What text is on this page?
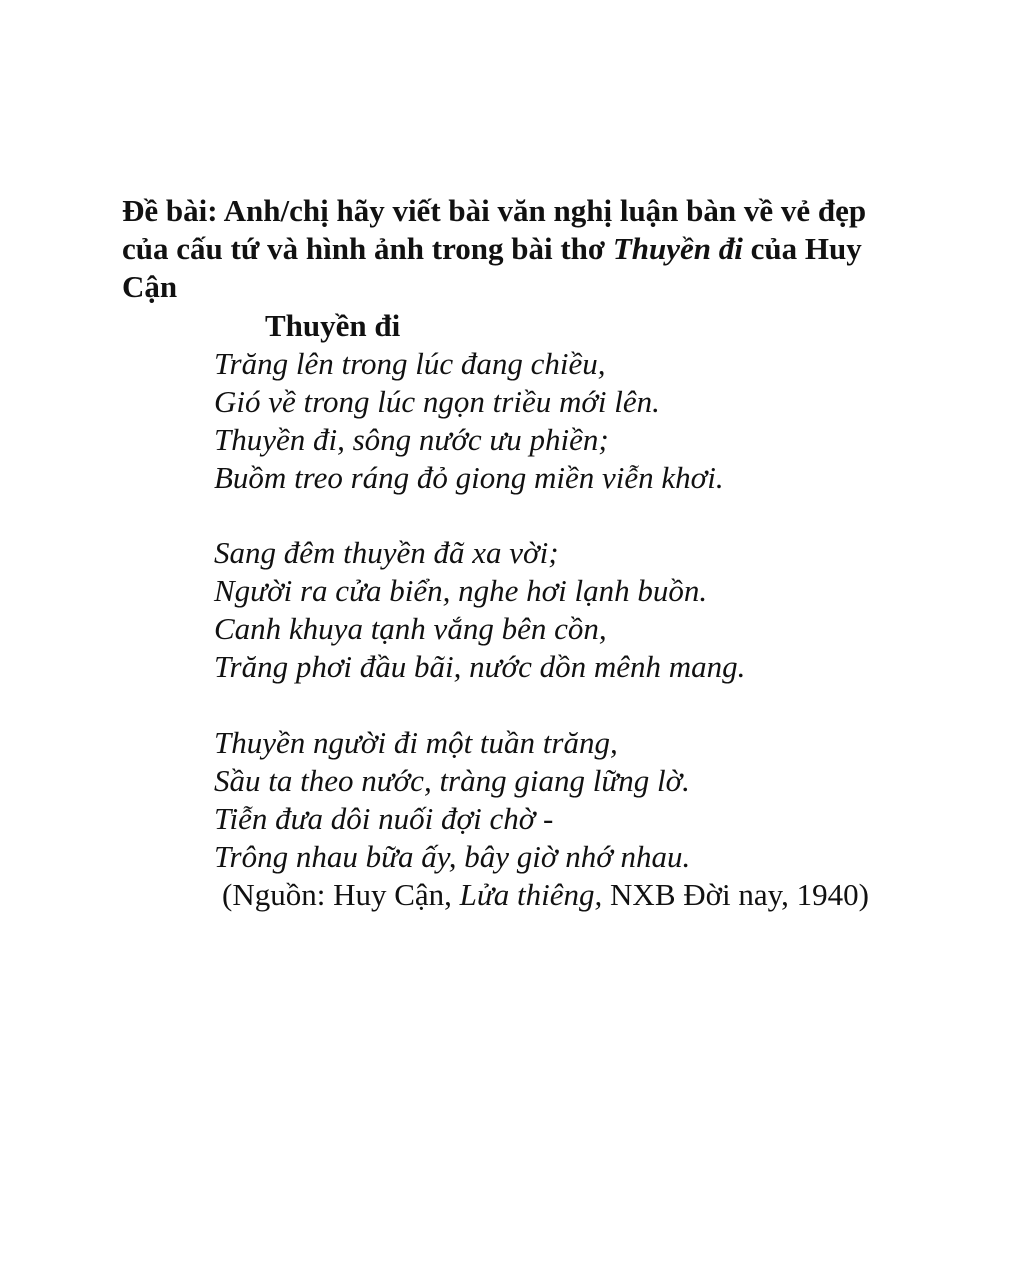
Đề bài: Anh/chị hãy viết bài văn nghị luận bàn về vẻ đẹp của cấu tứ và hình ảnh trong bài thơ Thuyền đi của Huy Cận
Thuyền đi
Trăng lên trong lúc đang chiều,
Gió về trong lúc ngọn triều mới lên.
Thuyền đi, sông nước ưu phiền;
Buồm treo ráng đỏ giong miền viễn khơi.
Sang đêm thuyền đã xa vời;
Người ra cửa biển, nghe hơi lạnh buồn.
Canh khuya tạnh vắng bên cồn,
Trăng phơi đầu bãi, nước dồn mênh mang.
Thuyền người đi một tuần trăng,
Sầu ta theo nước, tràng giang lững lờ.
Tiễn đưa dôi nuối đợi chờ -
Trông nhau bữa ấy, bây giờ nhớ nhau.
(Nguồn: Huy Cận, Lửa thiêng, NXB Đời nay, 1940)
